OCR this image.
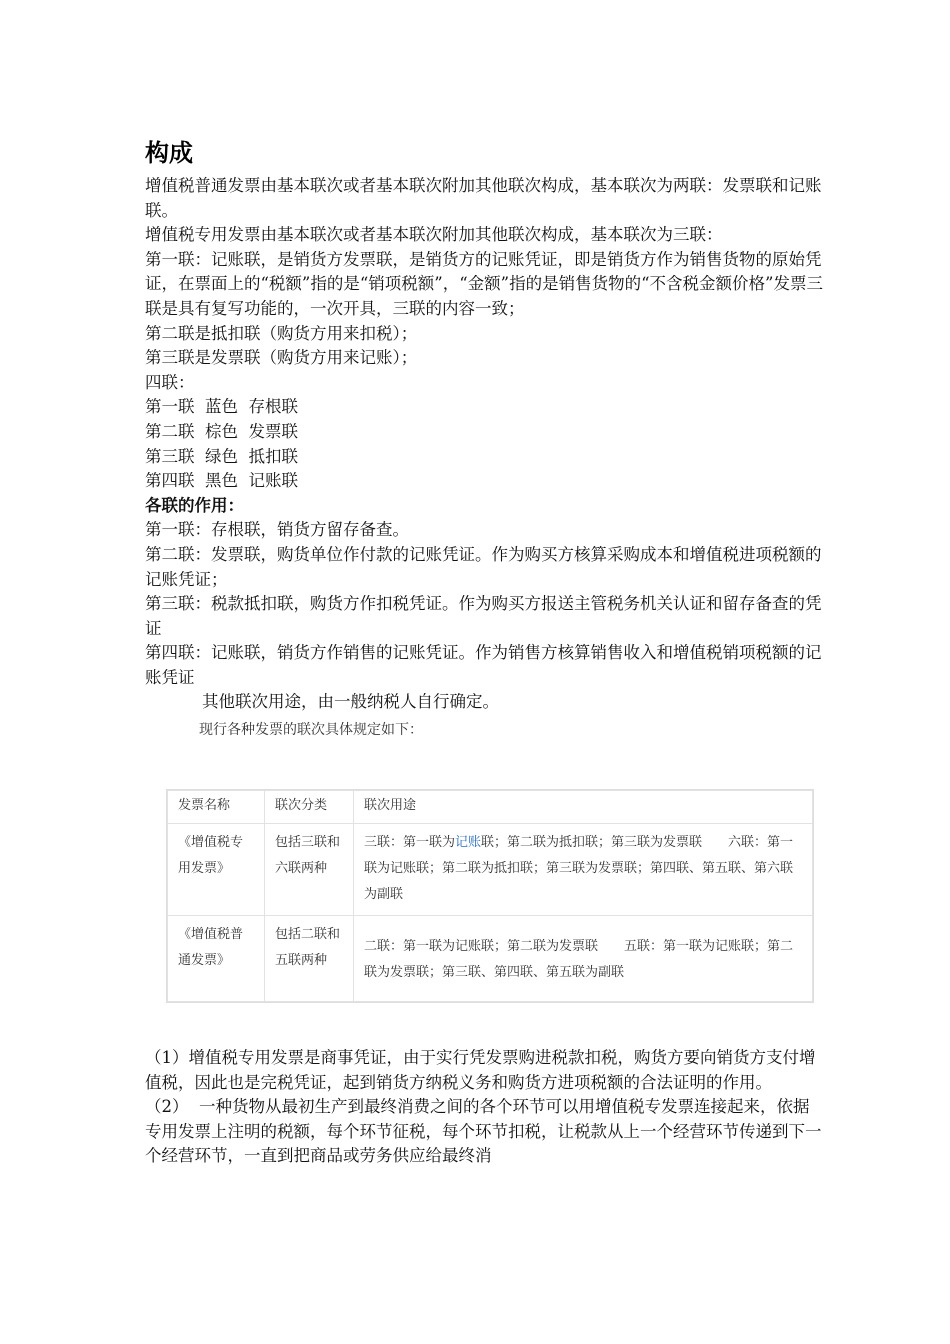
构成

增值税普通发票由基本联次或者基本联次附加其他联次构成，基本联次为两联：发票联和记账联。

增值税专用发票由基本联次或者基本联次附加其他联次构成，基本联次为三联：

第一联：记账联，是销货方发票联，是销货方的记账凭证，即是销货方作为销售货物的原始凭证，在票面上的“税额”指的是“销项税额”，“金额”指的是销售货物的“不含税金额价格”发票三联是具有复写功能的，一次开具，三联的内容一致；

第二联是抵扣联（购货方用来扣税）；

第三联是发票联（购货方用来记账）；

四联：

第一联  蓝色  存根联

第二联  棕色  发票联

第三联  绿色  抵扣联

第四联  黑色  记账联

各联的作用：

第一联：存根联，销货方留存备查。

第二联：发票联，购货单位作付款的记账凭证。作为购买方核算采购成本和增值税进项税额的记账凭证；

第三联：税款抵扣联，购货方作扣税凭证。作为购买方报送主管税务机关认证和留存备查的凭证

第四联：记账联，销货方作销售的记账凭证。作为销售方核算销售收入和增值税销项税额的记账凭证

其他联次用途，由一般纳税人自行确定。

现行各种发票的联次具体规定如下：

发票名称	联次分类	联次用途
《增值税专用发票》	包括三联和六联两种	三联：第一联为记账联；第二联为抵扣联；第三联为发票联　　六联：第一联为记账联；第二联为抵扣联；第三联为发票联；第四联、第五联、第六联为副联
《增值税普通发票》	包括二联和五联两种	二联：第一联为记账联；第二联为发票联　　五联：第一联为记账联；第二联为发票联；第三联、第四联、第五联为副联

（1）增值税专用发票是商事凭证，由于实行凭发票购进税款扣税，购货方要向销货方支付增值税，因此也是完税凭证，起到销货方纳税义务和购货方进项税额的合法证明的作用。

（2）  一种货物从最初生产到最终消费之间的各个环节可以用增值税专发票连接起来，依据专用发票上注明的税额，每个环节征税，每个环节扣税，让税款从上一个经营环节传递到下一个经营环节，一直到把商品或劳务供应给最终消
